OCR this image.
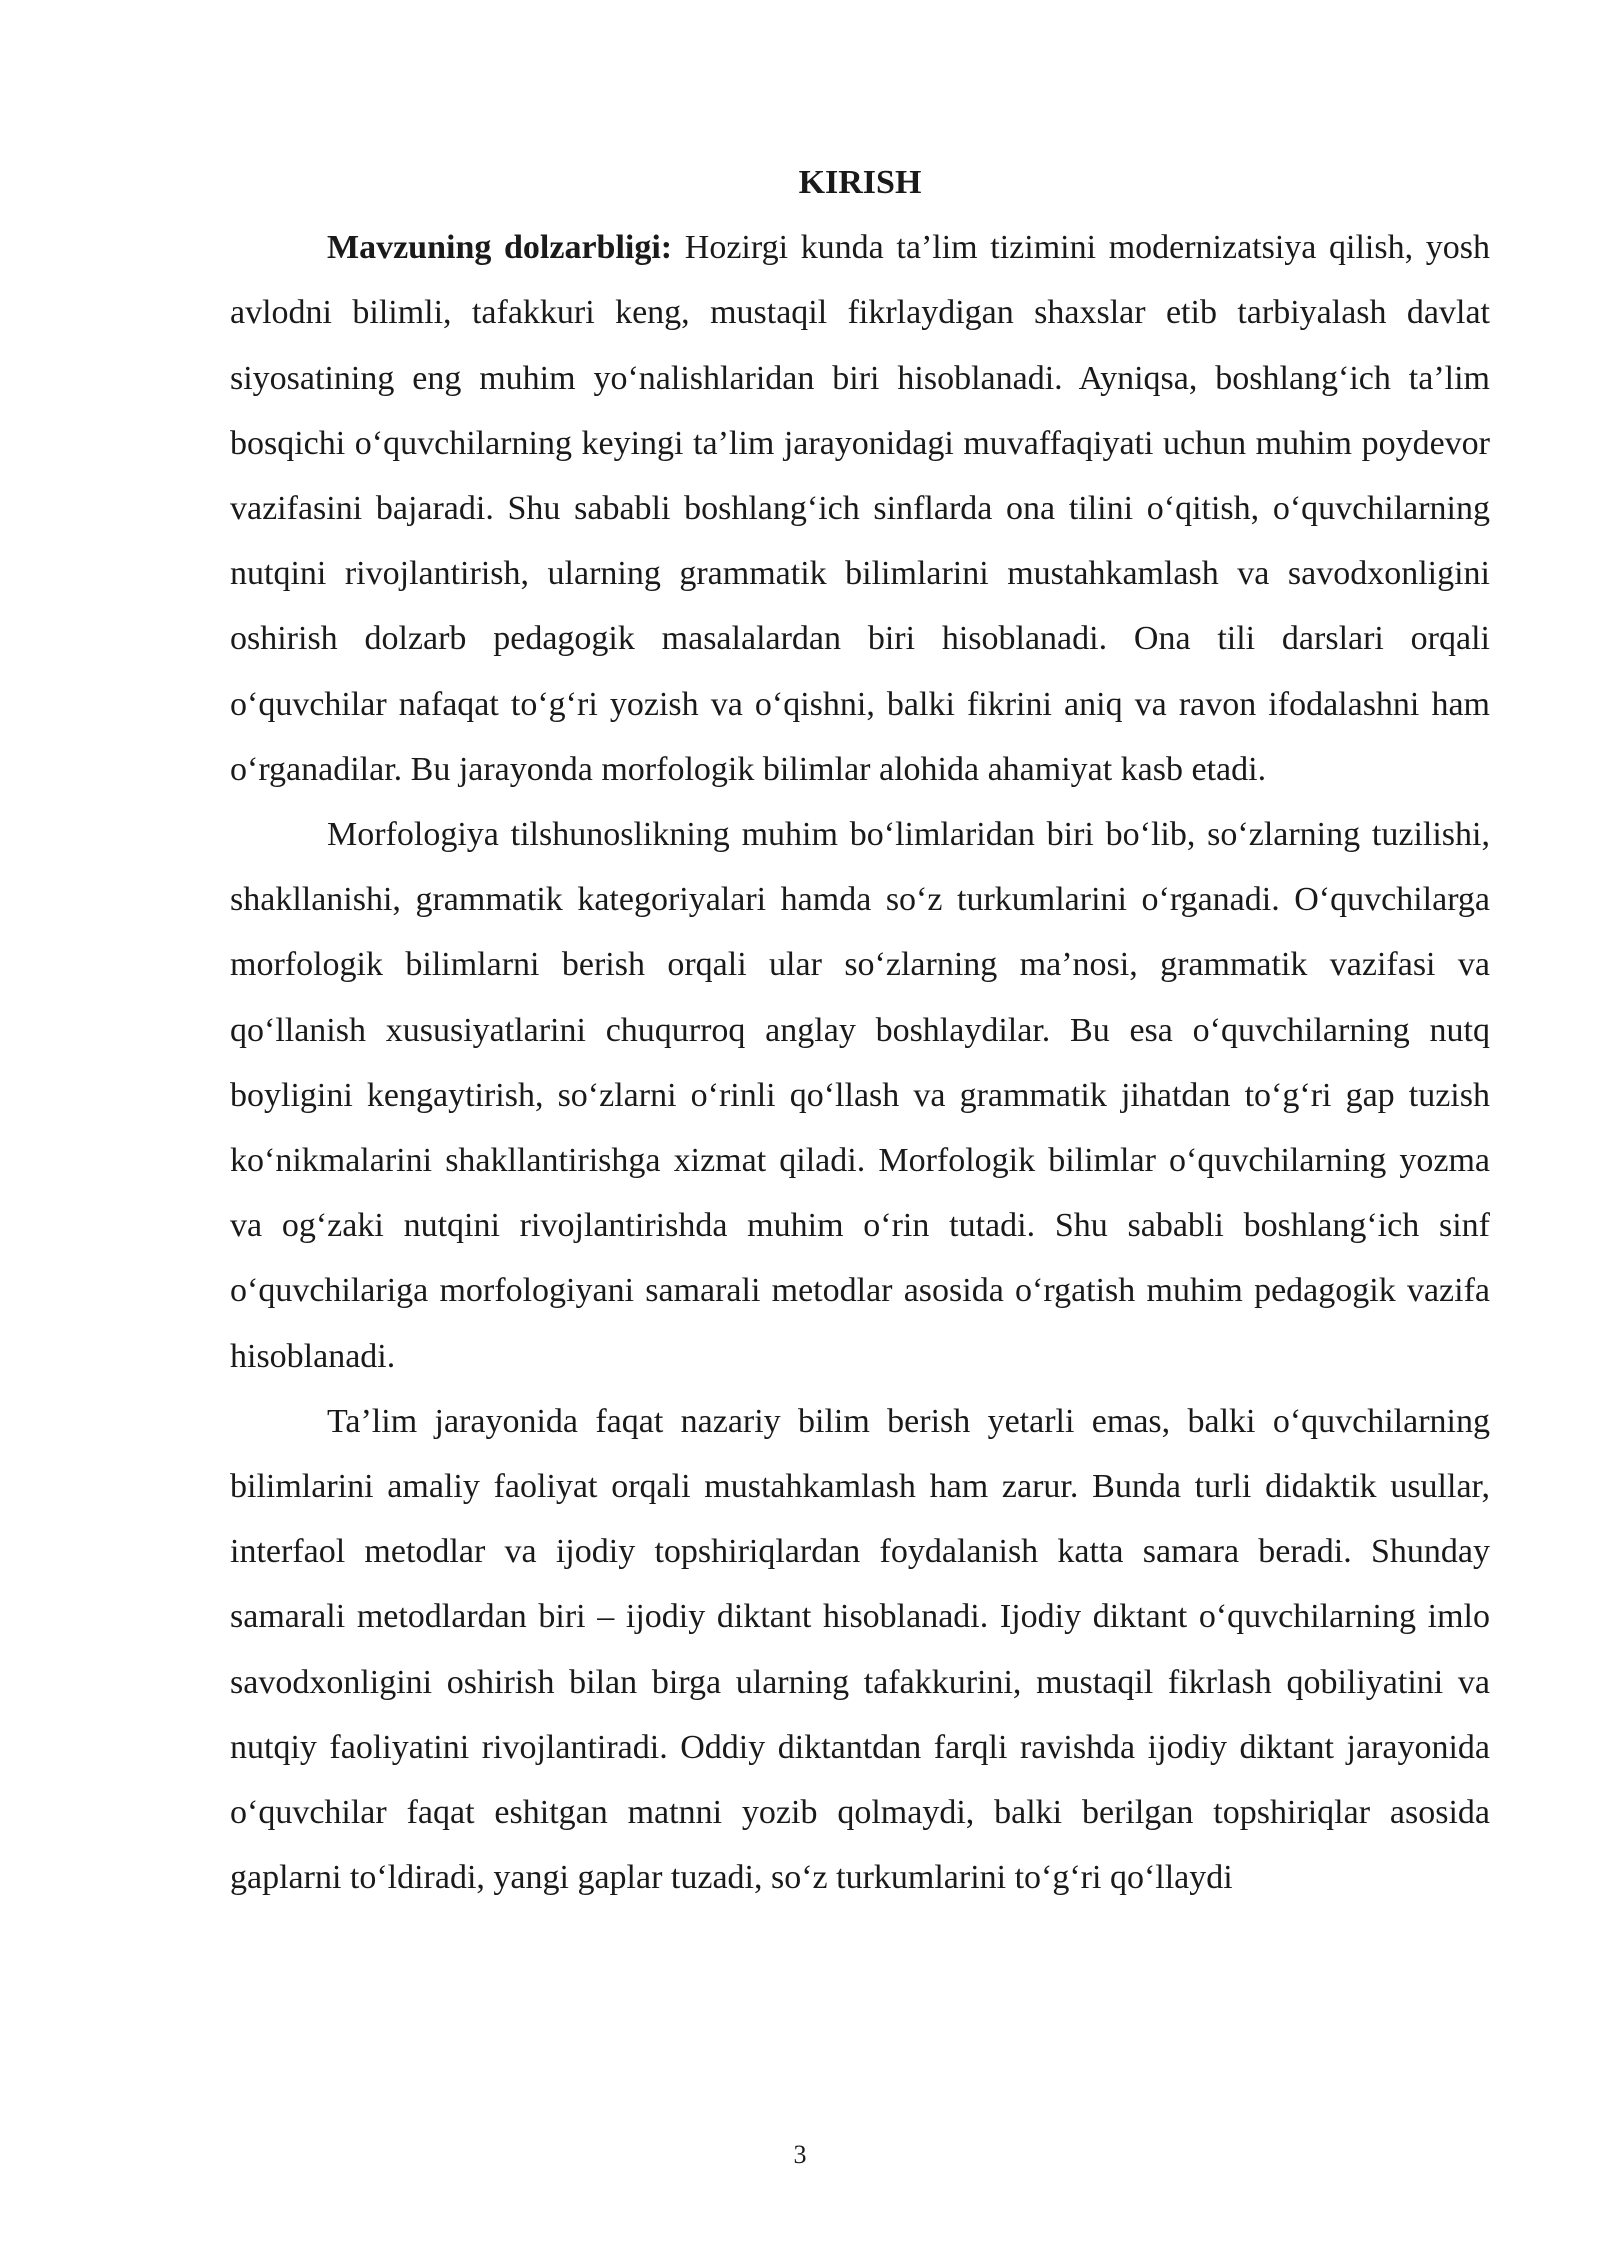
KIRISH

Mavzuning dolzarbligi: Hozirgi kunda ta’lim tizimini modernizatsiya qilish, yosh avlodni bilimli, tafakkuri keng, mustaqil fikrlaydigan shaxslar etib tarbiyalash davlat siyosatining eng muhim yo‘nalishlaridan biri hisoblanadi. Ayniqsa, boshlang‘ich ta’lim bosqichi o‘quvchilarning keyingi ta’lim jarayonidagi muvaffaqiyati uchun muhim poydevor vazifasini bajaradi. Shu sababli boshlang‘ich sinflarda ona tilini o‘qitish, o‘quvchilarning nutqini rivojlantirish, ularning grammatik bilimlarini mustahkamlash va savodxonligini oshirish dolzarb pedagogik masalalardan biri hisoblanadi. Ona tili darslari orqali o‘quvchilar nafaqat to‘g‘ri yozish va o‘qishni, balki fikrini aniq va ravon ifodalashni ham o‘rganadilar. Bu jarayonda morfologik bilimlar alohida ahamiyat kasb etadi.

Morfologiya tilshunoslikning muhim bo‘limlaridan biri bo‘lib, so‘zlarning tuzilishi, shakllanishi, grammatik kategoriyalari hamda so‘z turkumlarini o‘rganadi. O‘quvchilarga morfologik bilimlarni berish orqali ular so‘zlarning ma’nosi, grammatik vazifasi va qo‘llanish xususiyatlarini chuqurroq anglay boshlaydilar. Bu esa o‘quvchilarning nutq boyligini kengaytirish, so‘zlarni o‘rinli qo‘llash va grammatik jihatdan to‘g‘ri gap tuzish ko‘nikmalarini shakllantirishga xizmat qiladi. Morfologik bilimlar o‘quvchilarning yozma va og‘zaki nutqini rivojlantirishda muhim o‘rin tutadi. Shu sababli boshlang‘ich sinf o‘quvchilariga morfologiyani samarali metodlar asosida o‘rgatish muhim pedagogik vazifa hisoblanadi.

Ta’lim jarayonida faqat nazariy bilim berish yetarli emas, balki o‘quvchilarning bilimlarini amaliy faoliyat orqali mustahkamlash ham zarur. Bunda turli didaktik usullar, interfaol metodlar va ijodiy topshiriqlardan foydalanish katta samara beradi. Shunday samarali metodlardan biri – ijodiy diktant hisoblanadi. Ijodiy diktant o‘quvchilarning imlo savodxonligini oshirish bilan birga ularning tafakkurini, mustaqil fikrlash qobiliyatini va nutqiy faoliyatini rivojlantiradi. Oddiy diktantdan farqli ravishda ijodiy diktant jarayonida o‘quvchilar faqat eshitgan matnni yozib qolmaydi, balki berilgan topshiriqlar asosida gaplarni to‘ldiradi, yangi gaplar tuzadi, so‘z turkumlarini to‘g‘ri qo‘llaydi

3
